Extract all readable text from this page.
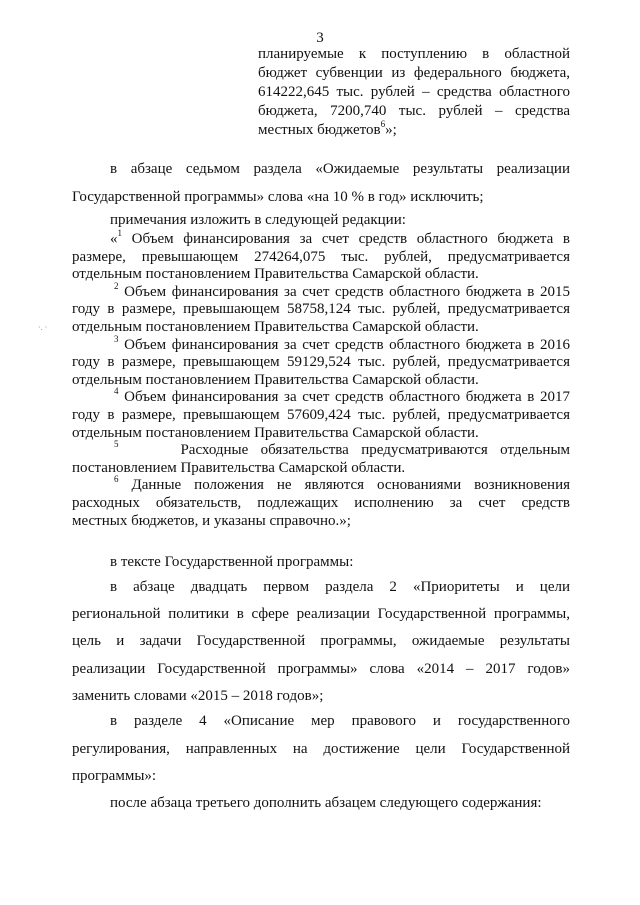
3
·. ·
планируемые к поступлению в областной
бюджет субвенции из федерального бюджета,
614222,645 тыс. рублей – средства областного
бюджета, 7200,740 тыс. рублей – средства
местных бюджетов$^6$»;
в абзаце седьмом раздела «Ожидаемые результаты реализации
Государственной программы» слова «на 10 % в год» исключить;
примечания изложить в следующей редакции:
«$^1$ Объем финансирования за счет средств областного бюджета в
размере, превышающем 274264,075 тыс. рублей, предусматривается
отдельным постановлением Правительства Самарской области.
$^2$ Объем финансирования за счет средств областного бюджета в 2015
году в размере, превышающем 58758,124 тыс. рублей, предусматривается
отдельным постановлением Правительства Самарской области.
$^3$ Объем финансирования за счет средств областного бюджета в 2016
году в размере, превышающем 59129,524 тыс. рублей, предусматривается
отдельным постановлением Правительства Самарской области.
$^4$ Объем финансирования за счет средств областного бюджета в 2017
году в размере, превышающем 57609,424 тыс. рублей, предусматривается
отдельным постановлением Правительства Самарской области.
$^5$	Расходные обязательства предусматриваются отдельным
постановлением Правительства Самарской области.
$^6$ Данные положения не являются основаниями возникновения
расходных обязательств, подлежащих исполнению за счет средств
местных бюджетов, и указаны справочно.»;
в тексте Государственной программы:
в абзаце двадцать первом раздела 2 «Приоритеты и цели
региональной политики в сфере реализации Государственной программы,
цель и задачи Государственной программы, ожидаемые результаты
реализации Государственной программы» слова «2014 – 2017 годов»
заменить словами «2015 – 2018 годов»;
в разделе 4 «Описание мер правового и государственного
регулирования, направленных на достижение цели Государственной
программы»:
после абзаца третьего дополнить абзацем следующего содержания:
